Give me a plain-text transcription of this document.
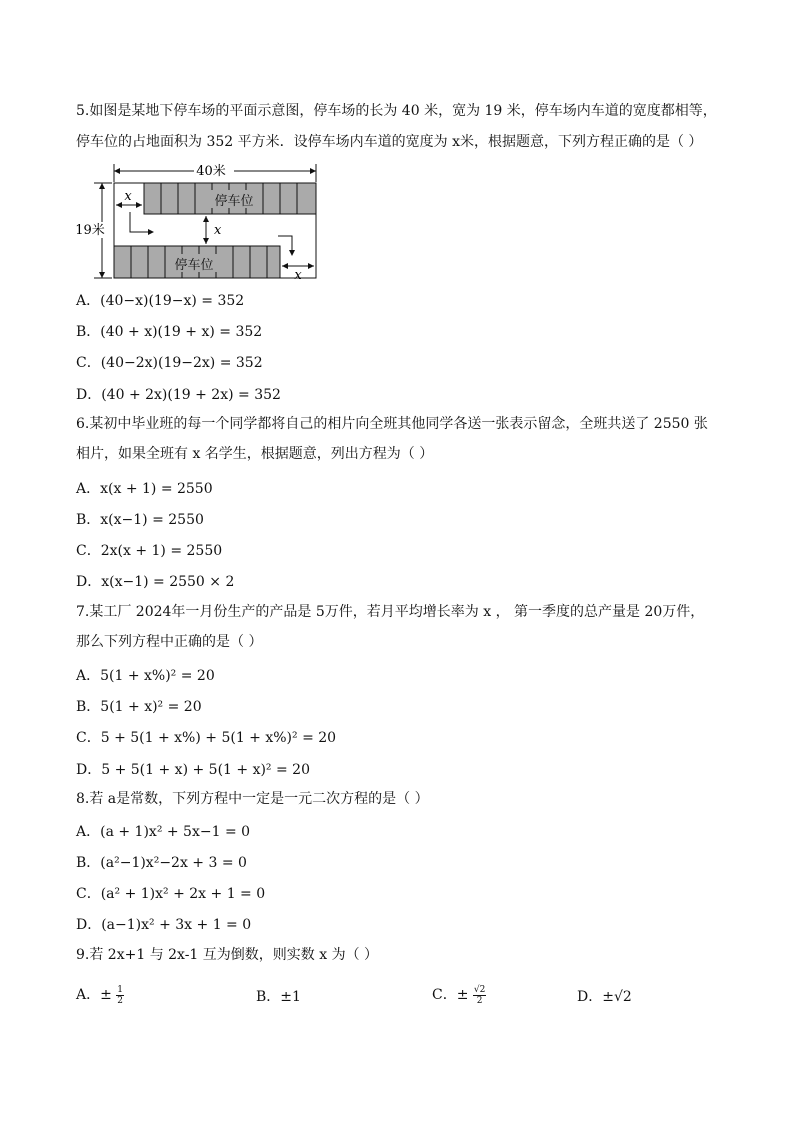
5.如图是某地下停车场的平面示意图，停车场的长为 40 米，宽为 19 米，停车场内车道的宽度都相等，
停车位的占地面积为 352 平方米．设停车场内车道的宽度为 x米，根据题意，下列方程正确的是（ ）
40米
19米
停车位
停车位
x
x
x
A．(40−x)(19−x) = 352
B．(40 + x)(19 + x) = 352
C．(40−2x)(19−2x) = 352
D．(40 + 2x)(19 + 2x) = 352
6.某初中毕业班的每一个同学都将自己的相片向全班其他同学各送一张表示留念，全班共送了 2550 张
相片，如果全班有 x 名学生，根据题意，列出方程为（ ）
A．x(x + 1) = 2550
B．x(x−1) = 2550
C．2x(x + 1) = 2550
D．x(x−1) = 2550 × 2
7.某工厂 2024年一月份生产的产品是 5万件，若月平均增长率为 x ， 第一季度的总产量是 20万件，
那么下列方程中正确的是（ ）
A．5(1 + x%)² = 20
B．5(1 + x)² = 20
C．5 + 5(1 + x%) + 5(1 + x%)² = 20
D．5 + 5(1 + x) + 5(1 + x)² = 20
8.若 a是常数，下列方程中一定是一元二次方程的是（ ）
A．(a + 1)x² + 5x−1 = 0
B．(a²−1)x²−2x + 3 = 0
C．(a² + 1)x² + 2x + 1 = 0
D．(a−1)x² + 3x + 1 = 0
9.若 2x+1 与 2x-1 互为倒数，则实数 x 为（ ）
A．± $\frac{1}{2}$	B．±1	C．± $\frac{√2}{2}$	D．±√2
